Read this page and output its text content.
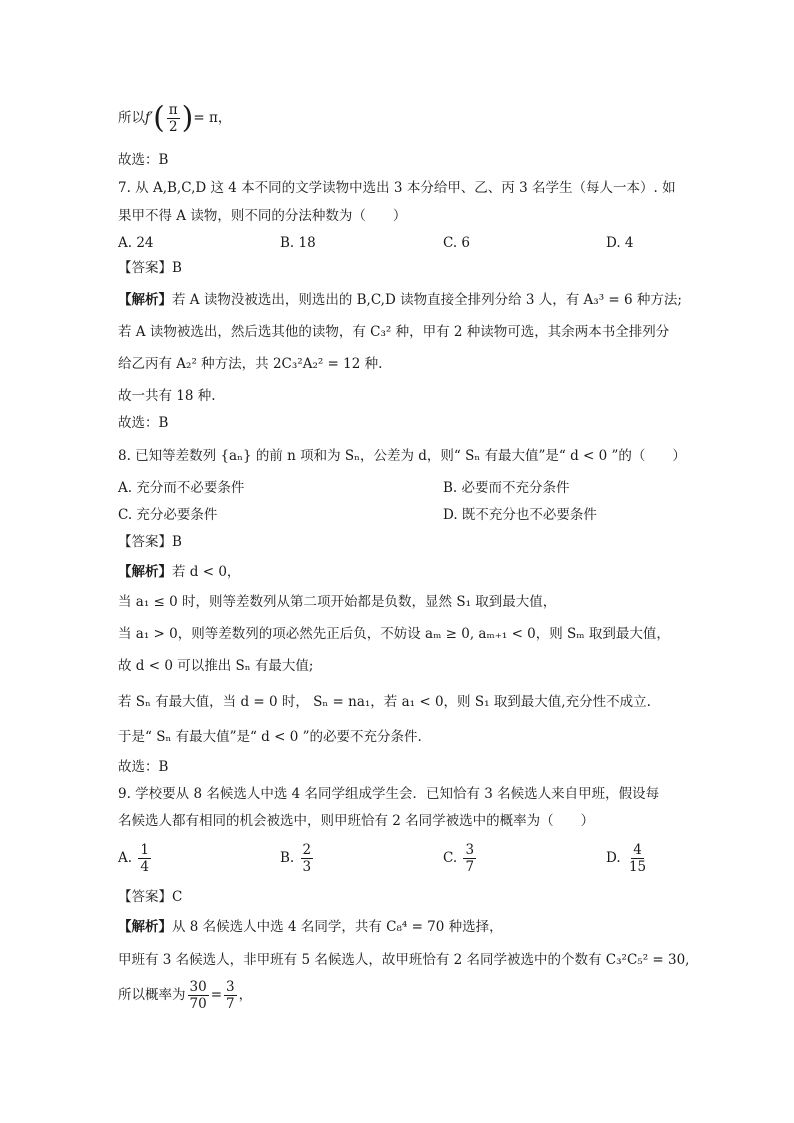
所以$f'( \frac{\pi}{2}$ )= π，
故选：B
7. 从 A,B,C,D 这 4 本不同的文学读物中选出 3 本分给甲、乙、丙 3 名学生（每人一本）. 如
果甲不得 A 读物，则不同的分法种数为（　　）
A. 24	B. 18	C. 6	D. 4
【答案】B
【解析】若 A 读物没被选出，则选出的 B,C,D 读物直接全排列分给 3 人，有 A₃³ = 6 种方法;
若 A 读物被选出，然后选其他的读物，有 C₃² 种，甲有 2 种读物可选，其余两本书全排列分
给乙丙有 A₂² 种方法，共 2C₃²A₂² = 12 种.
故一共有 18 种.
故选：B
8. 已知等差数列 {aₙ} 的前 n 项和为 Sₙ，公差为 d，则“ Sₙ 有最大值”是“ d < 0 ”的（　　）
A. 充分而不必要条件	B. 必要而不充分条件
C. 充分必要条件	D. 既不充分也不必要条件
【答案】B
【解析】若 d < 0，
当 a₁ ≤ 0 时，则等差数列从第二项开始都是负数，显然 S₁ 取到最大值，
当 a₁ > 0，则等差数列的项必然先正后负，不妨设 aₘ ≥ 0, aₘ₊₁ < 0，则 Sₘ 取到最大值，
故 d < 0 可以推出 Sₙ 有最大值;
若 Sₙ 有最大值，当 d = 0 时， Sₙ = na₁，若 a₁ < 0，则 S₁ 取到最大值,充分性不成立.
于是“ Sₙ 有最大值”是“ d < 0 ”的必要不充分条件.
故选：B
9. 学校要从 8 名候选人中选 4 名同学组成学生会．已知恰有 3 名候选人来自甲班，假设每
名候选人都有相同的机会被选中，则甲班恰有 2 名同学被选中的概率为（　　）
A. $\frac{1}{4}$	B. $\frac{2}{3}$	C. $\frac{3}{7}$	D. $\frac{4}{15}$
【答案】C
【解析】从 8 名候选人中选 4 名同学，共有 C₈⁴ = 70 种选择，
甲班有 3 名候选人，非甲班有 5 名候选人，故甲班恰有 2 名同学被选中的个数有 C₃²C₅² = 30,
所以概率为 $\frac{30}{70} = \frac{3}{7}$ ，
